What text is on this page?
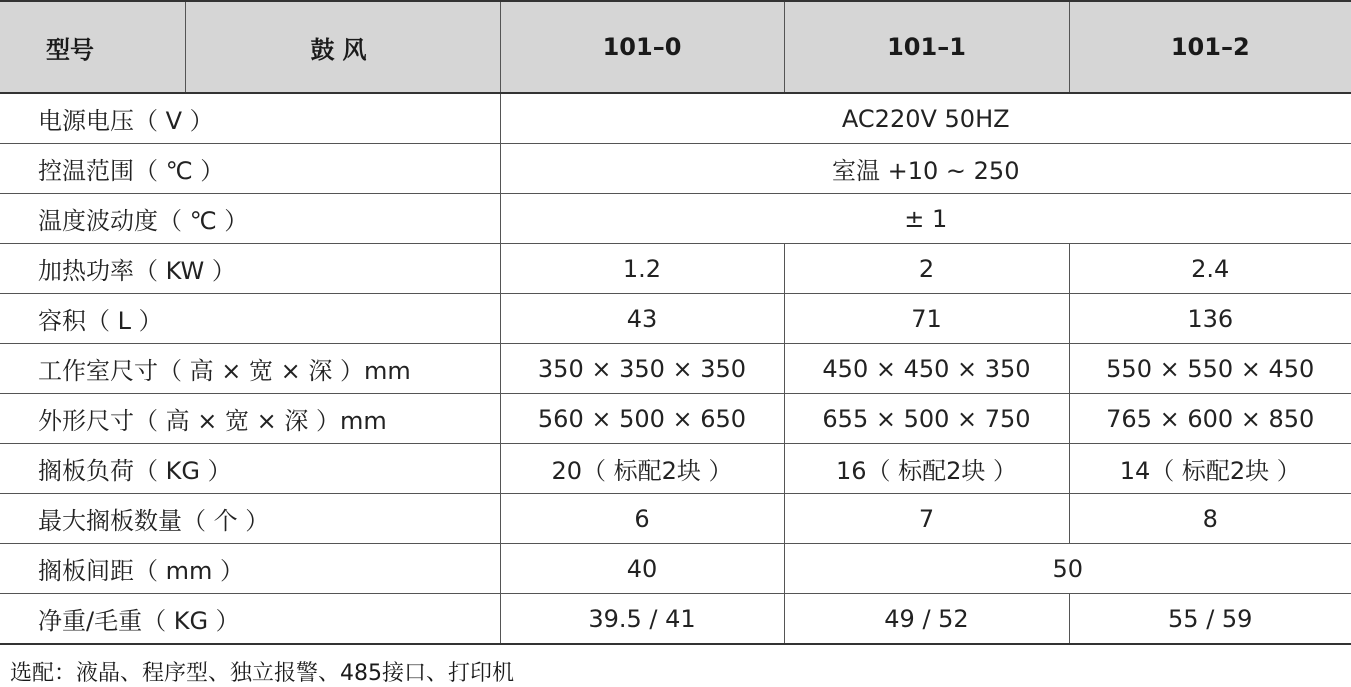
型号	鼓风	101–0	101–1	101–2
电源电压（ V ）		AC220V 50HZ		
控温范围（ ℃ ）		室温 +10 ~ 250		
温度波动度（ ℃ ）		± 1		
加热功率（ KW ）		1.2	2	2.4
容积（ L ）		43	71	136
工作室尺寸（ 高 × 宽 × 深 ）mm		350 × 350 × 350	450 × 450 × 350	550 × 550 × 450
外形尺寸（ 高 × 宽 × 深 ）mm		560 × 500 × 650	655 × 500 × 750	765 × 600 × 850
搁板负荷（ KG ）		20（ 标配2块 ）	16（ 标配2块 ）	14（ 标配2块 ）
最大搁板数量（ 个 ）		6	7	8
搁板间距（ mm ）		40	50	
净重/毛重（ KG ）		39.5 / 41	49 / 52	55 / 59
选配：液晶、程序型、独立报警、485接口、打印机
